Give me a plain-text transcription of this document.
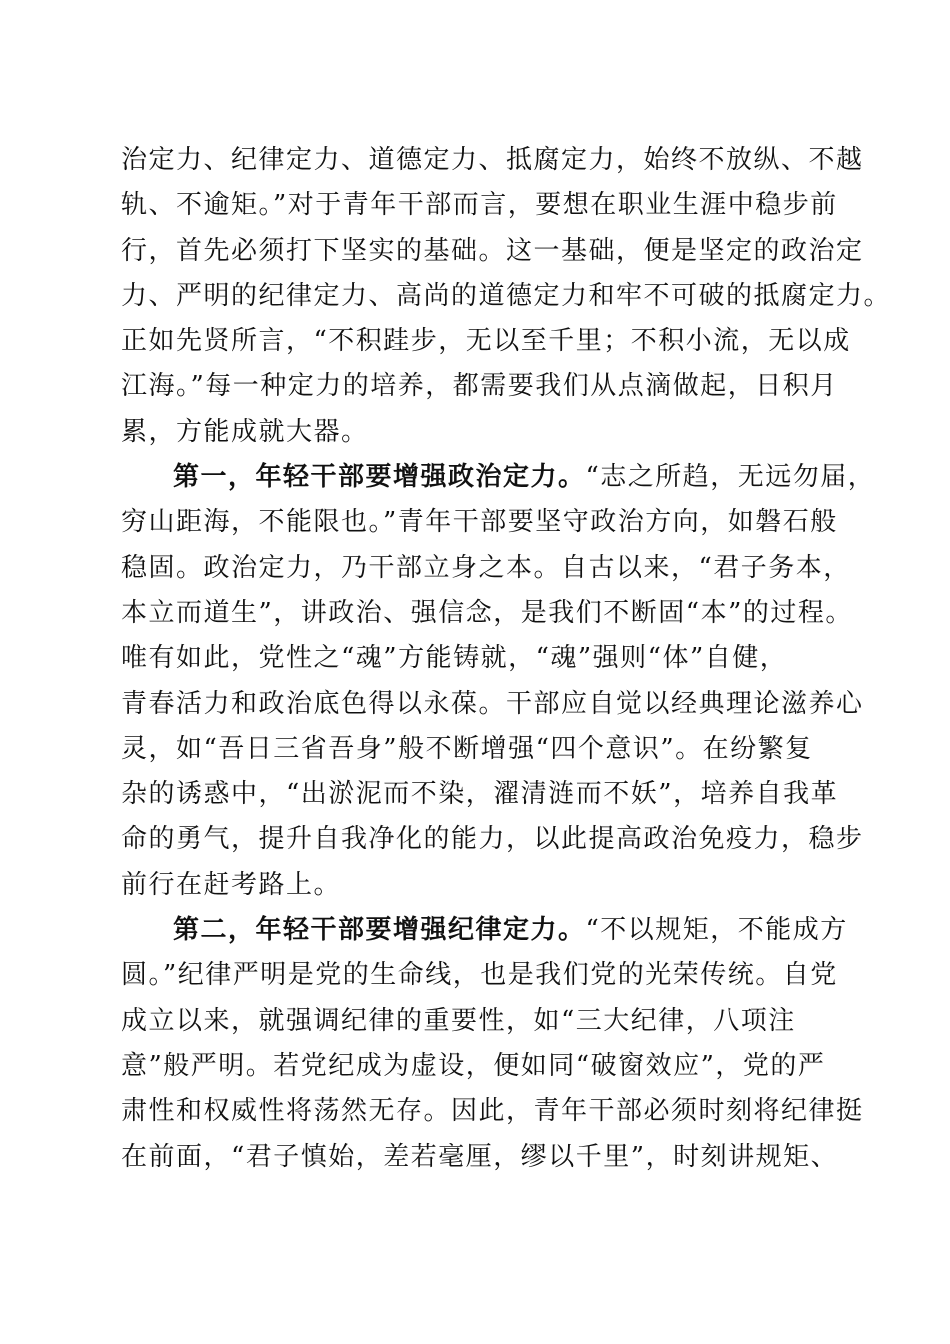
治定力、纪律定力、道德定力、抵腐定力，始终不放纵、不越
轨、不逾矩。”对于青年干部而言，要想在职业生涯中稳步前
行，首先必须打下坚实的基础。这一基础，便是坚定的政治定
力、严明的纪律定力、高尚的道德定力和牢不可破的抵腐定力。
正如先贤所言，“不积跬步，无以至千里；不积小流，无以成
江海。”每一种定力的培养，都需要我们从点滴做起，日积月
累，方能成就大器。
第一，年轻干部要增强政治定力。“志之所趋，无远勿届，
穷山距海，不能限也。”青年干部要坚守政治方向，如磐石般
稳固。政治定力，乃干部立身之本。自古以来，“君子务本，
本立而道生”，讲政治、强信念，是我们不断固“本”的过程。
唯有如此，党性之“魂”方能铸就，“魂”强则“体”自健，
青春活力和政治底色得以永葆。干部应自觉以经典理论滋养心
灵，如“吾日三省吾身”般不断增强“四个意识”。在纷繁复
杂的诱惑中，“出淤泥而不染，濯清涟而不妖”，培养自我革
命的勇气，提升自我净化的能力，以此提高政治免疫力，稳步
前行在赶考路上。
第二，年轻干部要增强纪律定力。“不以规矩，不能成方
圆。”纪律严明是党的生命线，也是我们党的光荣传统。自党
成立以来，就强调纪律的重要性，如“三大纪律，八项注
意”般严明。若党纪成为虚设，便如同“破窗效应”，党的严
肃性和权威性将荡然无存。因此，青年干部必须时刻将纪律挺
在前面，“君子慎始，差若毫厘，缪以千里”，时刻讲规矩、
